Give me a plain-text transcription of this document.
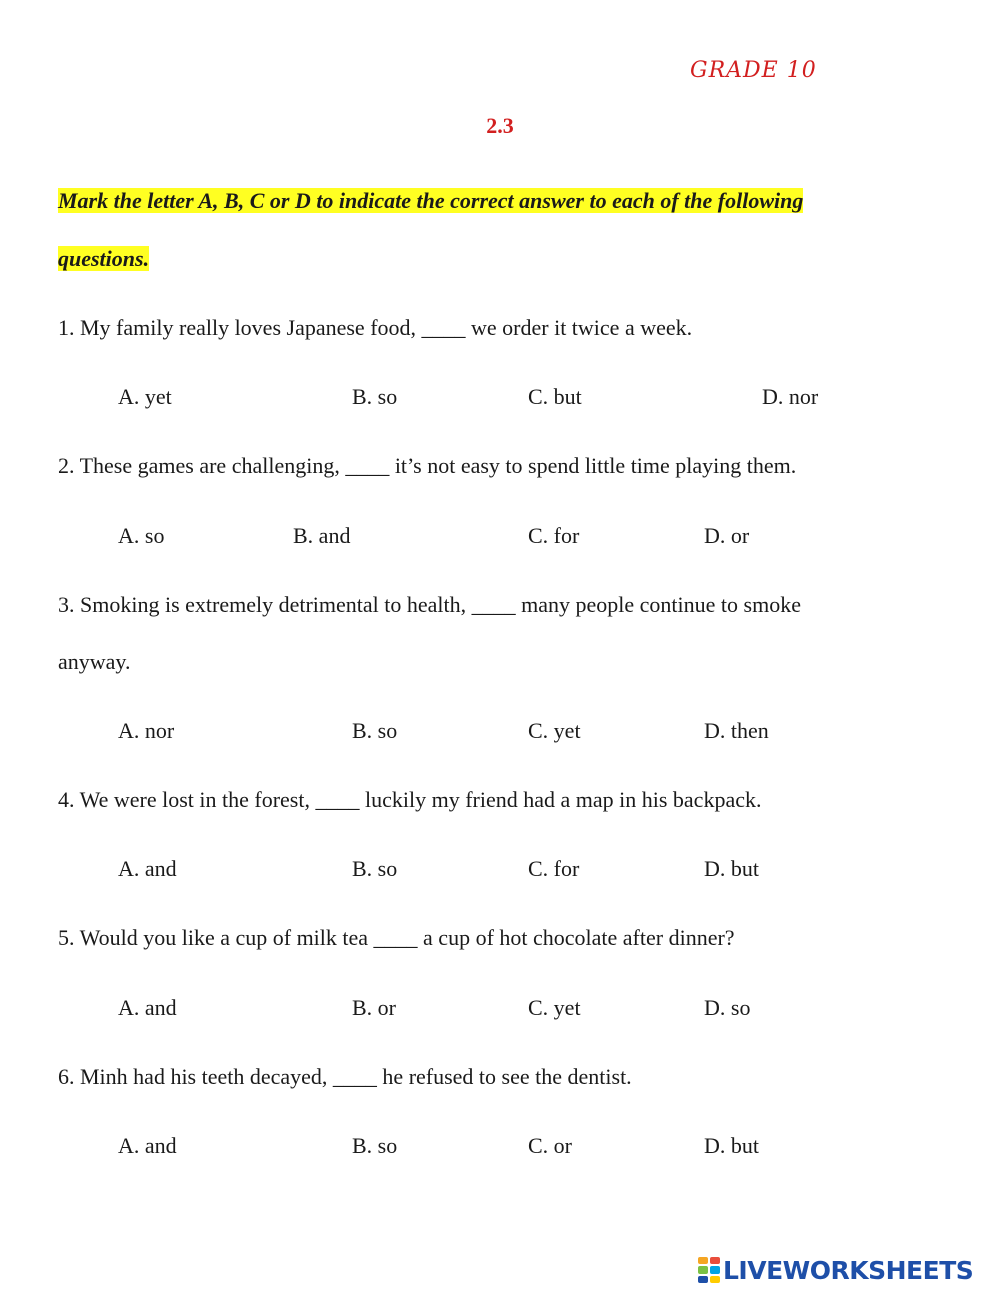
GRADE 10
2.3
Mark the letter A, B, C or D to indicate the correct answer to each of the following
questions.
1. My family really loves Japanese food, ____ we order it twice a week.
A. yet	B. so	C. but	D. nor
2. These games are challenging, ____ it’s not easy to spend little time playing them.
A. so	B. and	C. for	D. or
3. Smoking is extremely detrimental to health, ____ many people continue to smoke
anyway.
A. nor	B. so	C. yet	D. then
4. We were lost in the forest, ____ luckily my friend had a map in his backpack.
A. and	B. so	C. for	D. but
5. Would you like a cup of milk tea ____ a cup of hot chocolate after dinner?
A. and	B. or	C. yet	D. so
6. Minh had his teeth decayed, ____ he refused to see the dentist.
A. and	B. so	C. or	D. but
LIVEWORKSHEETS
